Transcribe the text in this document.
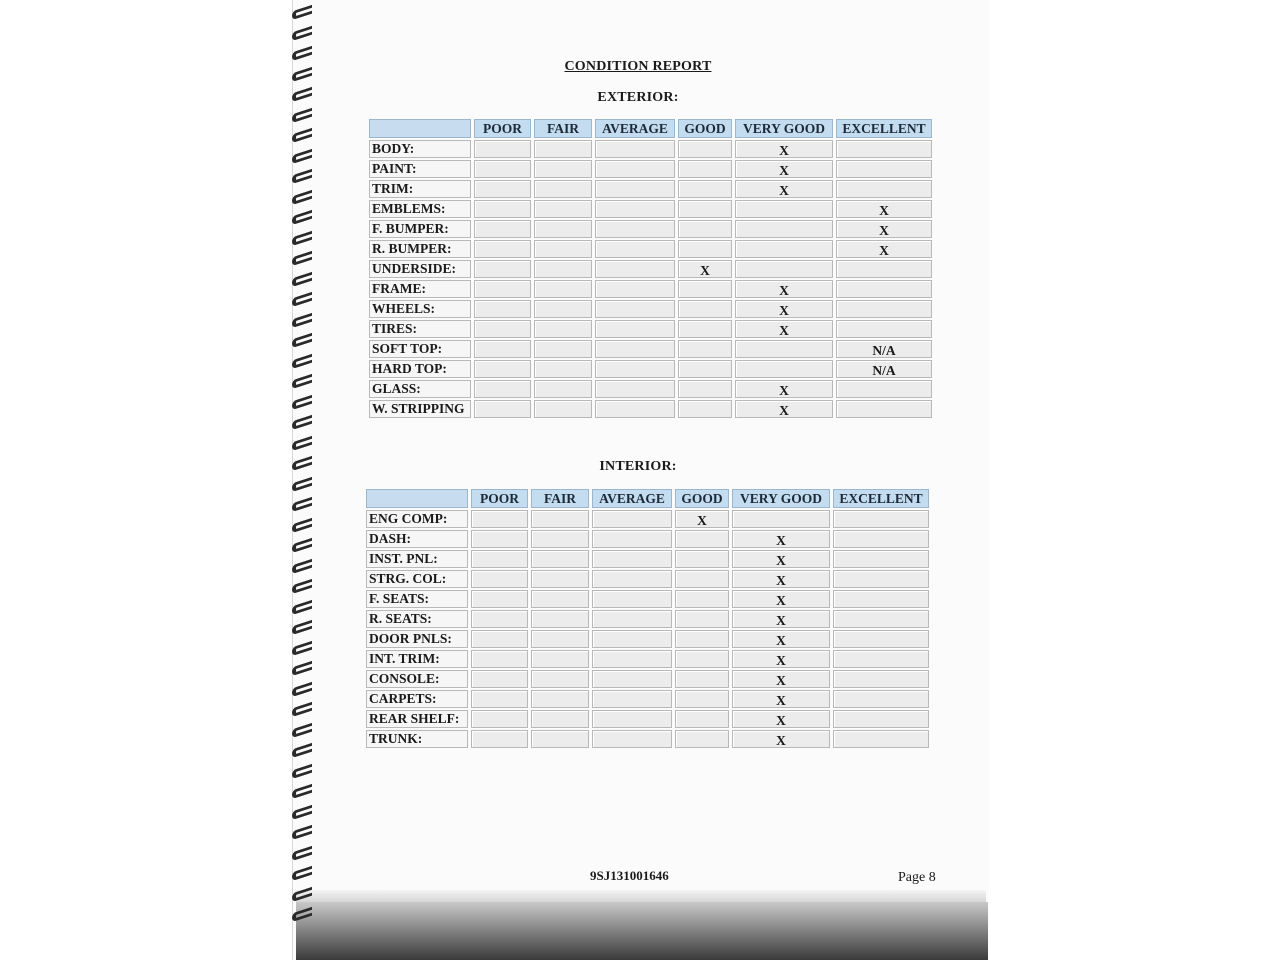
CONDITION REPORT
EXTERIOR:
	POOR	FAIR	AVERAGE	GOOD	VERY GOOD	EXCELLENT
BODY:					X	
PAINT:					X	
TRIM:					X	
EMBLEMS:						X
F. BUMPER:						X
R. BUMPER:						X
UNDERSIDE:				X		
FRAME:					X	
WHEELS:					X	
TIRES:					X	
SOFT TOP:						N/A
HARD TOP:						N/A
GLASS:					X	
W. STRIPPING					X	
INTERIOR:
	POOR	FAIR	AVERAGE	GOOD	VERY GOOD	EXCELLENT
ENG COMP:				X		
DASH:					X	
INST. PNL:					X	
STRG. COL:					X	
F. SEATS:					X	
R. SEATS:					X	
DOOR PNLS:					X	
INT. TRIM:					X	
CONSOLE:					X	
CARPETS:					X	
REAR SHELF:					X	
TRUNK:					X	
9SJ131001646	Page 8
